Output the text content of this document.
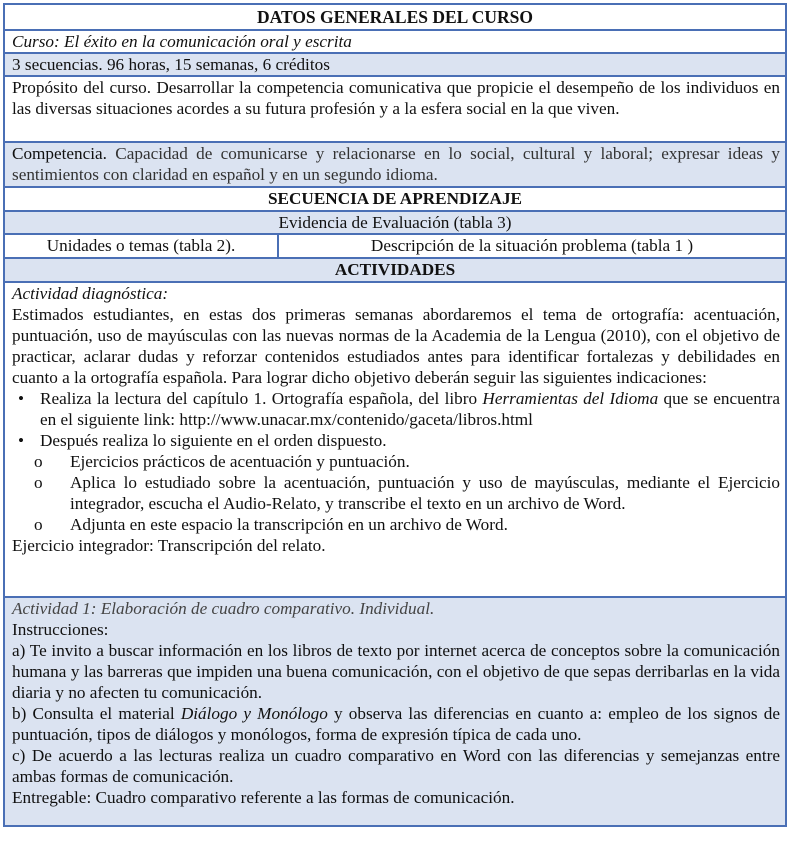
DATOS GENERALES DEL CURSO
Curso: El éxito en la comunicación oral y escrita
3 secuencias. 96 horas, 15 semanas, 6 créditos
Propósito del curso. Desarrollar la competencia comunicativa que propicie el desempeño de los individuos en las diversas situaciones acordes a su futura profesión y a la esfera social en la que viven.
Competencia. Capacidad de comunicarse y relacionarse en lo social, cultural y laboral; expresar ideas y sentimientos con claridad en español y en un segundo idioma.
SECUENCIA DE APRENDIZAJE
Evidencia de Evaluación (tabla 3)
Unidades o temas (tabla 2).	Descripción de la situación problema (tabla 1 )
ACTIVIDADES
Actividad diagnóstica:
Estimados estudiantes, en estas dos primeras semanas abordaremos el tema de ortografía: acentuación, puntuación, uso de mayúsculas con las nuevas normas de la Academia de la Lengua (2010), con el objetivo de practicar, aclarar dudas y reforzar contenidos estudiados antes para identificar fortalezas y debilidades en cuanto a la ortografía española. Para lograr dicho objetivo deberán seguir las siguientes indicaciones:
• Realiza la lectura del capítulo 1. Ortografía española, del libro Herramientas del Idioma que se encuentra en el siguiente link: http://www.unacar.mx/contenido/gaceta/libros.html
• Después realiza lo siguiente en el orden dispuesto.
o Ejercicios prácticos de acentuación y puntuación.
o Aplica lo estudiado sobre la acentuación, puntuación y uso de mayúsculas, mediante el Ejercicio integrador, escucha el Audio-Relato, y transcribe el texto en un archivo de Word.
o Adjunta en este espacio la transcripción en un archivo de Word.
Ejercicio integrador: Transcripción del relato.
Actividad 1: Elaboración de cuadro comparativo. Individual.
Instrucciones:
a) Te invito a buscar información en los libros de texto por internet acerca de conceptos sobre la comunicación humana y las barreras que impiden una buena comunicación, con el objetivo de que sepas derribarlas en la vida diaria y no afecten tu comunicación.
b) Consulta el material Diálogo y Monólogo y observa las diferencias en cuanto a: empleo de los signos de puntuación, tipos de diálogos y monólogos, forma de expresión típica de cada uno.
c) De acuerdo a las lecturas realiza un cuadro comparativo en Word con las diferencias y semejanzas entre ambas formas de comunicación.
Entregable: Cuadro comparativo referente a las formas de comunicación.
